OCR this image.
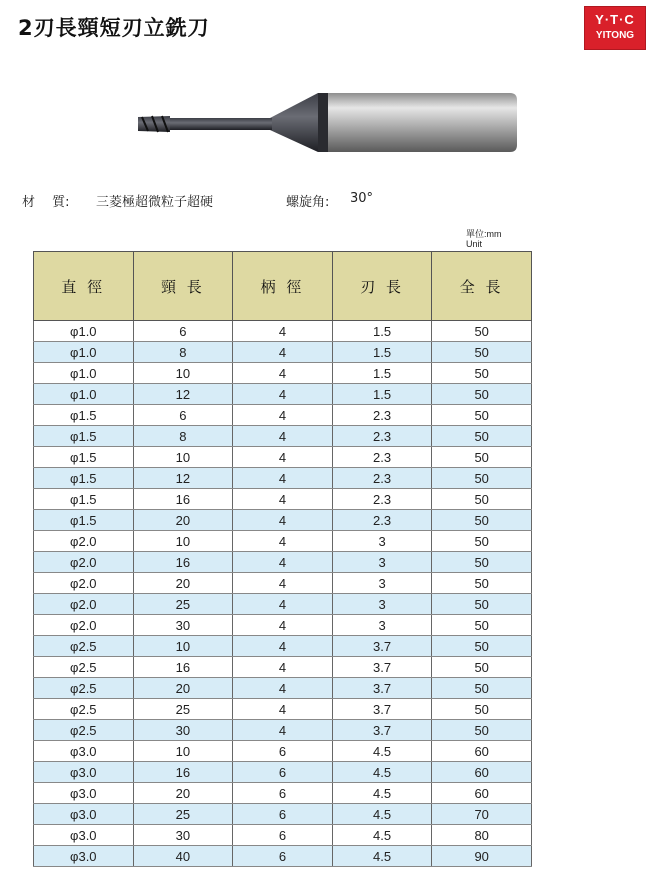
2刃長頸短刃立銑刀	Y·T·C
YITONG
材　 質: 三菱極超微粒子超硬	螺旋角: 30°
單位:mm
Unit
直 徑	頸 長	柄 徑	刃 長	全 長
φ1.0	6	4	1.5	50
φ1.0	8	4	1.5	50
φ1.0	10	4	1.5	50
φ1.0	12	4	1.5	50
φ1.5	6	4	2.3	50
φ1.5	8	4	2.3	50
φ1.5	10	4	2.3	50
φ1.5	12	4	2.3	50
φ1.5	16	4	2.3	50
φ1.5	20	4	2.3	50
φ2.0	10	4	3	50
φ2.0	16	4	3	50
φ2.0	20	4	3	50
φ2.0	25	4	3	50
φ2.0	30	4	3	50
φ2.5	10	4	3.7	50
φ2.5	16	4	3.7	50
φ2.5	20	4	3.7	50
φ2.5	25	4	3.7	50
φ2.5	30	4	3.7	50
φ3.0	10	6	4.5	60
φ3.0	16	6	4.5	60
φ3.0	20	6	4.5	60
φ3.0	25	6	4.5	70
φ3.0	30	6	4.5	80
φ3.0	40	6	4.5	90
